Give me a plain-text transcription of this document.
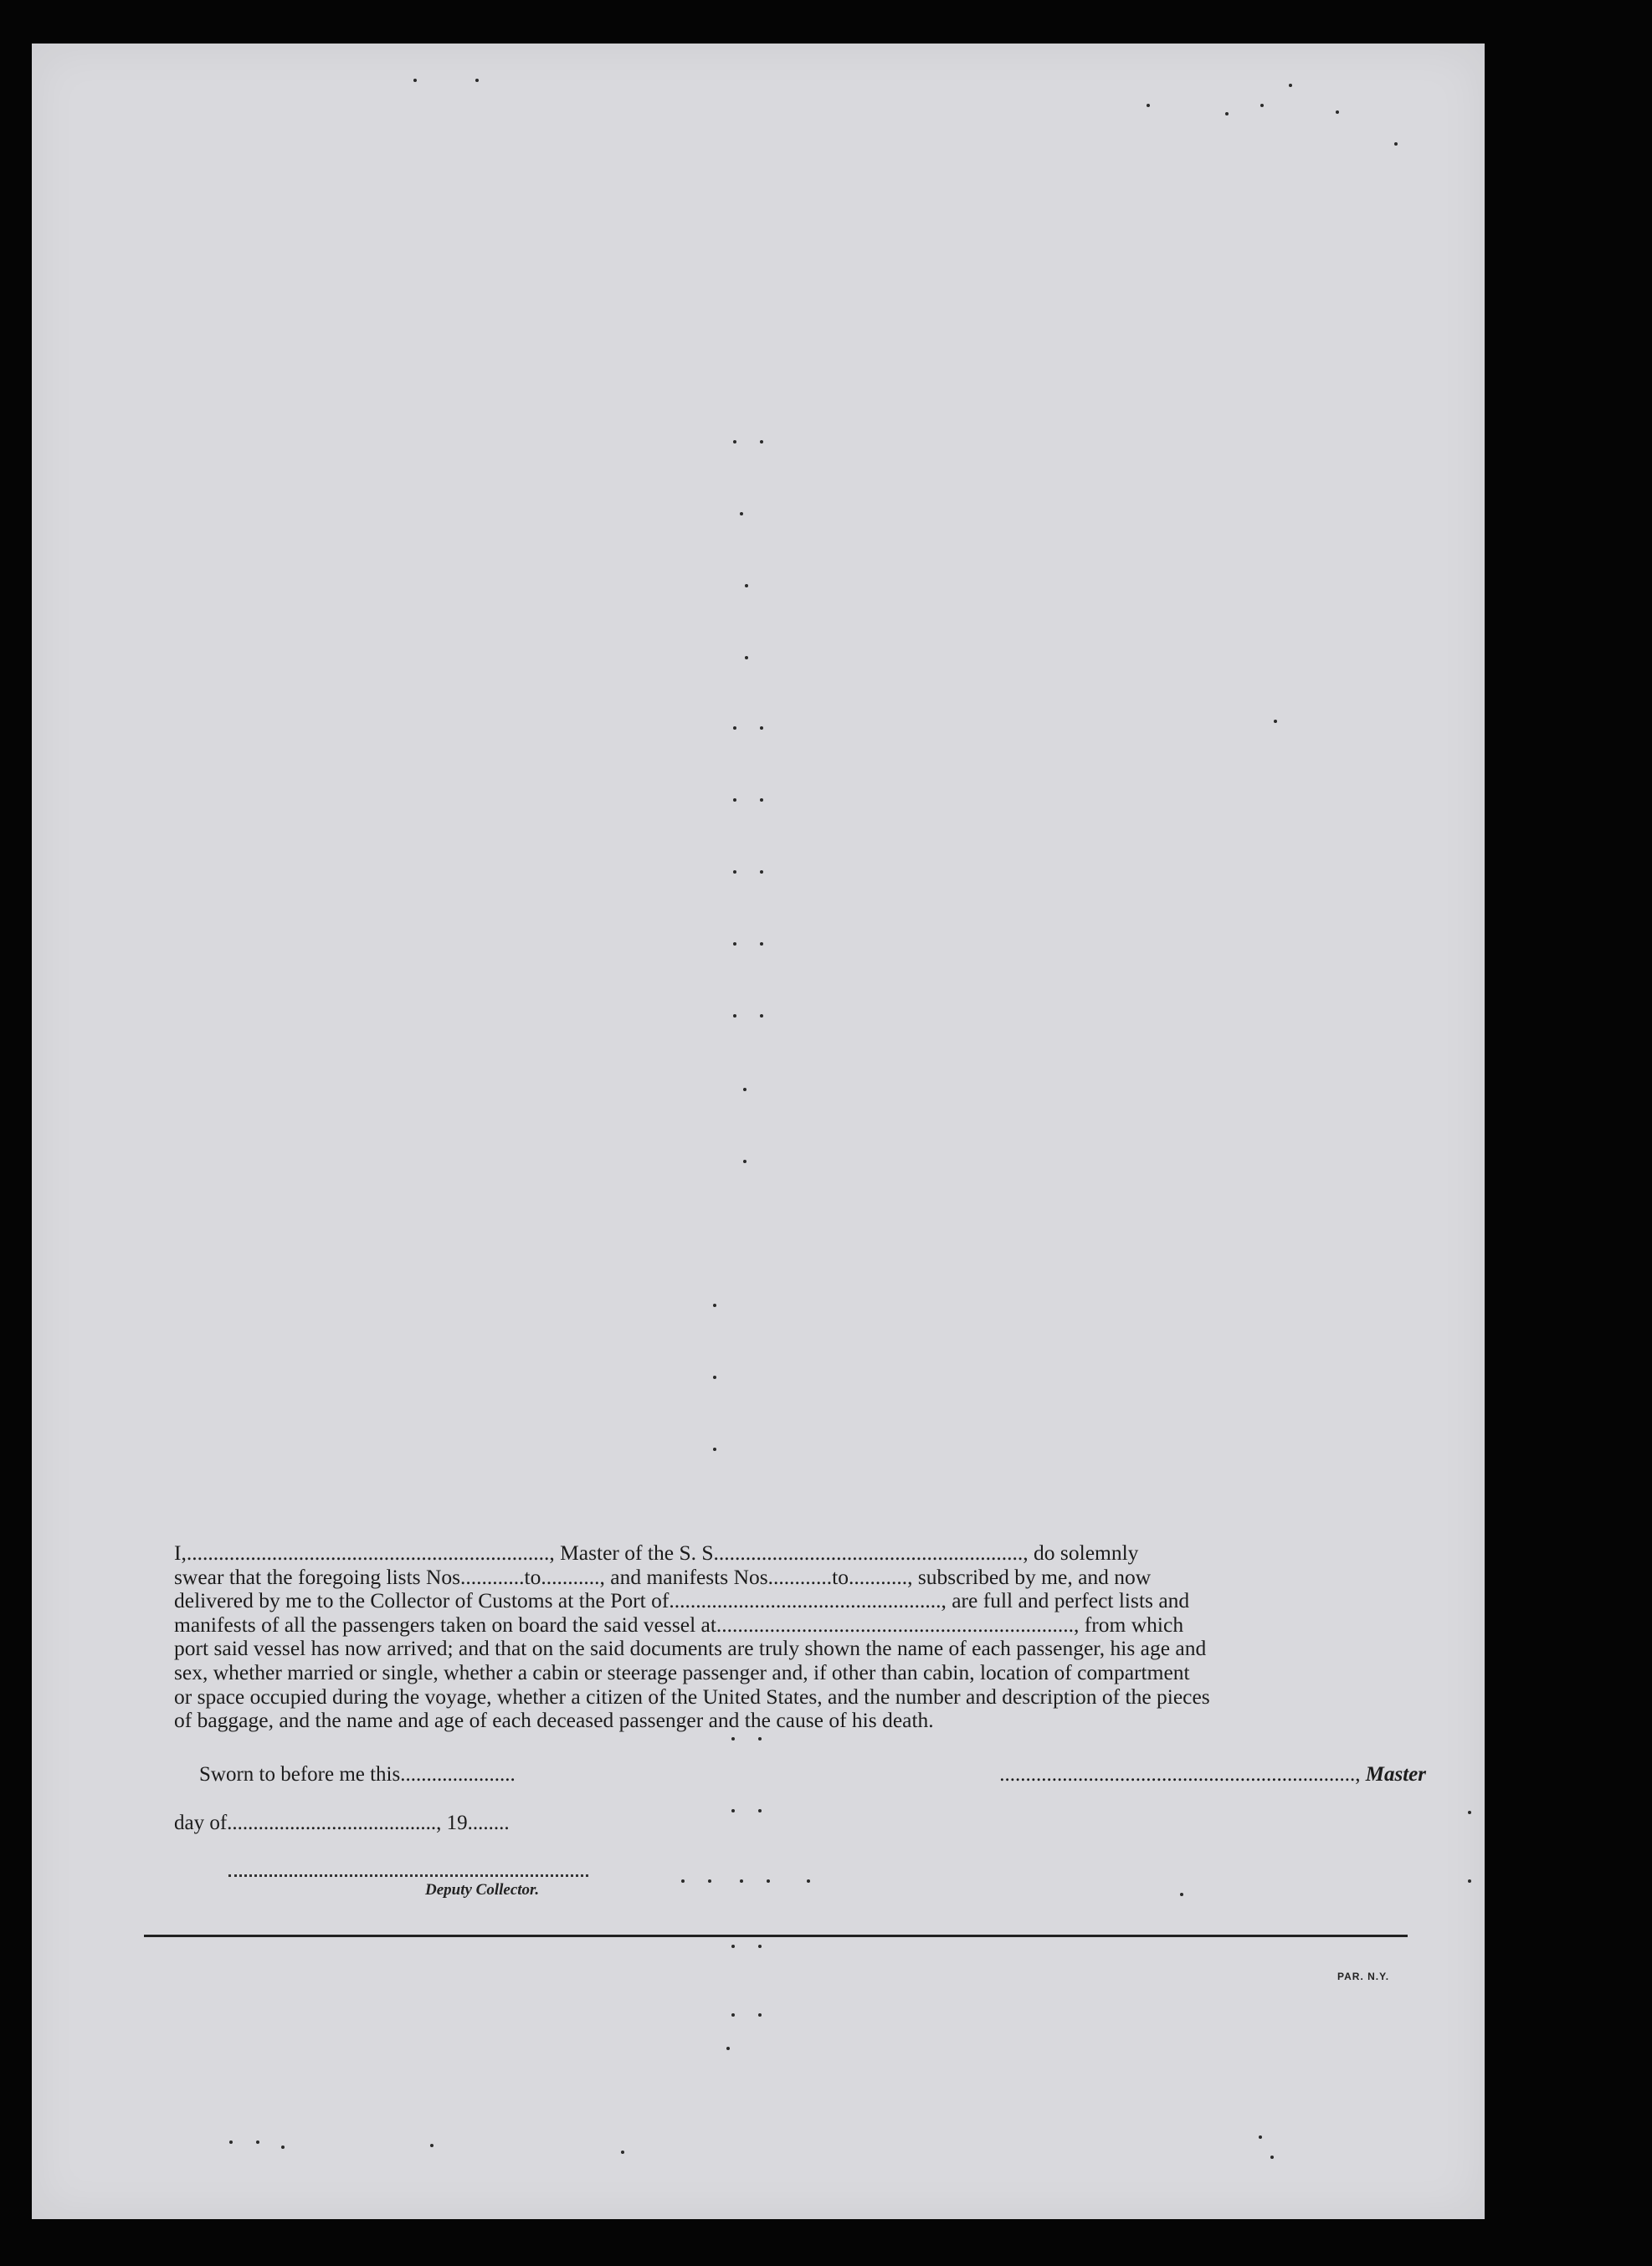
I,...................................................................., Master of the S. S.........................................................., do solemnly

swear that the foregoing lists Nos............to..........., and manifests Nos............to..........., subscribed by me, and now

delivered by me to the Collector of Customs at the Port of..................................................., are full and perfect lists and

manifests of all the passengers taken on board the said vessel at..................................................................., from which

port said vessel has now arrived; and that on the said documents are truly shown the name of each passenger, his age and

sex, whether married or single, whether a cabin or steerage passenger and, if other than cabin, location of compartment

or space occupied during the voyage, whether a citizen of the United States, and the number and description of the pieces

of baggage, and the name and age of each deceased passenger and the cause of his death.

Sworn to before me this......................	...................................................................., Master
day of........................................, 19........
Deputy Collector.
PAR. N.Y.
